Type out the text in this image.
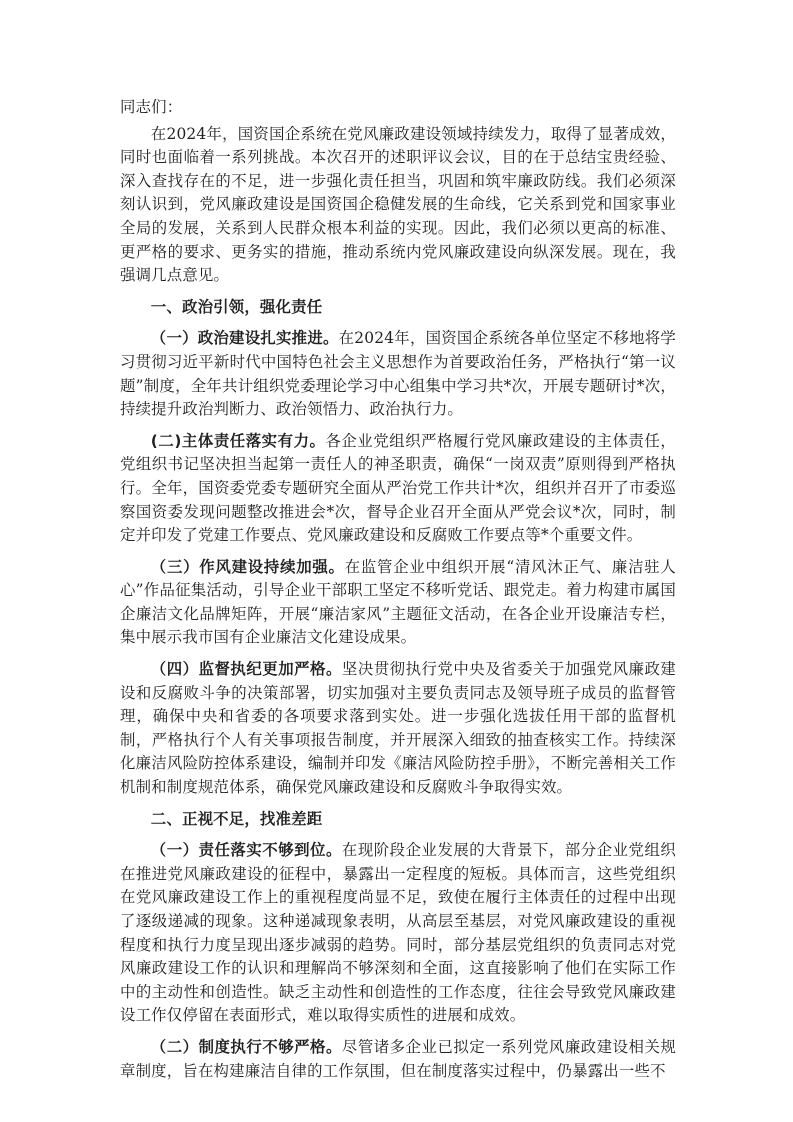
同志们：

在2024年，国资国企系统在党风廉政建设领域持续发力，取得了显著成效，同时也面临着一系列挑战。本次召开的述职评议会议，目的在于总结宝贵经验、深入查找存在的不足，进一步强化责任担当，巩固和筑牢廉政防线。我们必须深刻认识到，党风廉政建设是国资国企稳健发展的生命线，它关系到党和国家事业全局的发展，关系到人民群众根本利益的实现。因此，我们必须以更高的标准、更严格的要求、更务实的措施，推动系统内党风廉政建设向纵深发展。现在，我强调几点意见。

一、政治引领，强化责任

（一）政治建设扎实推进。在2024年，国资国企系统各单位坚定不移地将学习贯彻习近平新时代中国特色社会主义思想作为首要政治任务，严格执行“第一议题”制度，全年共计组织党委理论学习中心组集中学习共*次，开展专题研讨*次，持续提升政治判断力、政治领悟力、政治执行力。

(二)主体责任落实有力。各企业党组织严格履行党风廉政建设的主体责任，党组织书记坚决担当起第一责任人的神圣职责，确保“一岗双责”原则得到严格执行。全年，国资委党委专题研究全面从严治党工作共计*次，组织并召开了市委巡察国资委发现问题整改推进会*次，督导企业召开全面从严党会议*次，同时，制定并印发了党建工作要点、党风廉政建设和反腐败工作要点等*个重要文件。

（三）作风建设持续加强。在监管企业中组织开展“清风沐正气、廉洁驻人心”作品征集活动，引导企业干部职工坚定不移听党话、跟党走。着力构建市属国企廉洁文化品牌矩阵，开展“廉洁家风”主题征文活动，在各企业开设廉洁专栏，集中展示我市国有企业廉洁文化建设成果。

（四）监督执纪更加严格。坚决贯彻执行党中央及省委关于加强党风廉政建设和反腐败斗争的决策部署，切实加强对主要负责同志及领导班子成员的监督管理，确保中央和省委的各项要求落到实处。进一步强化选拔任用干部的监督机制，严格执行个人有关事项报告制度，并开展深入细致的抽查核实工作。持续深化廉洁风险防控体系建设，编制并印发《廉洁风险防控手册》，不断完善相关工作机制和制度规范体系，确保党风廉政建设和反腐败斗争取得实效。

二、正视不足，找准差距

（一）责任落实不够到位。在现阶段企业发展的大背景下，部分企业党组织在推进党风廉政建设的征程中，暴露出一定程度的短板。具体而言，这些党组织在党风廉政建设工作上的重视程度尚显不足，致使在履行主体责任的过程中出现了逐级递减的现象。这种递减现象表明，从高层至基层，对党风廉政建设的重视程度和执行力度呈现出逐步减弱的趋势。同时，部分基层党组织的负责同志对党风廉政建设工作的认识和理解尚不够深刻和全面，这直接影响了他们在实际工作中的主动性和创造性。缺乏主动性和创造性的工作态度，往往会导致党风廉政建设工作仅停留在表面形式，难以取得实质性的进展和成效。

（二）制度执行不够严格。尽管诸多企业已拟定一系列党风廉政建设相关规章制度，旨在构建廉洁自律的工作氛围，但在制度落实过程中，仍暴露出一些不
